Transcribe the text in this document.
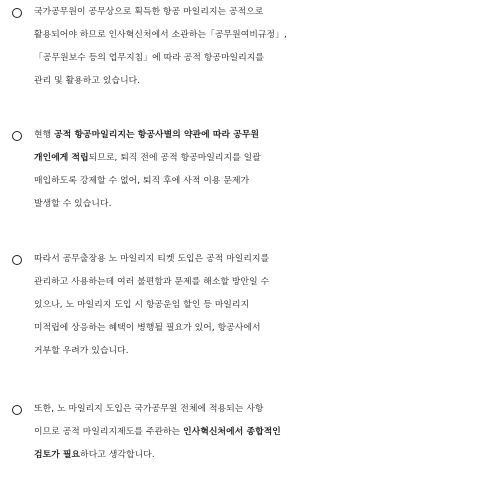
국가공무원이 공무상으로 획득한 항공 마일리지는 공적으로
활용되어야 하므로 인사혁신처에서 소관하는「공무원여비규정」,
「공무원보수 등의 업무지침」에 따라 공적 항공마일리지를
관리 및 활용하고 있습니다.
현행 공적 항공마일리지는 항공사별의 약관에 따라 공무원
개인에게 적립되므로, 퇴직 전에 공적 항공마일리지를 일괄
매입하도록 강제할 수 없어, 퇴직 후에 사적 이용 문제가
발생할 수 있습니다.
따라서 공무출장용 노 마일리지 티켓 도입은 공적 마일리지를
관리하고 사용하는데 여러 불편함과 문제를 해소할 방안일 수
있으나, 노 마일리지 도입 시 항공운임 할인 등 마일리지
미적립에 상응하는 혜택이 병행될 필요가 있어, 항공사에서
거부할 우려가 있습니다.
또한, 노 마일리지 도입은 국가공무원 전체에 적용되는 사항
이므로 공적 마일리지제도를 주관하는 인사혁신처에서 종합적인
검토가 필요하다고 생각합니다.
